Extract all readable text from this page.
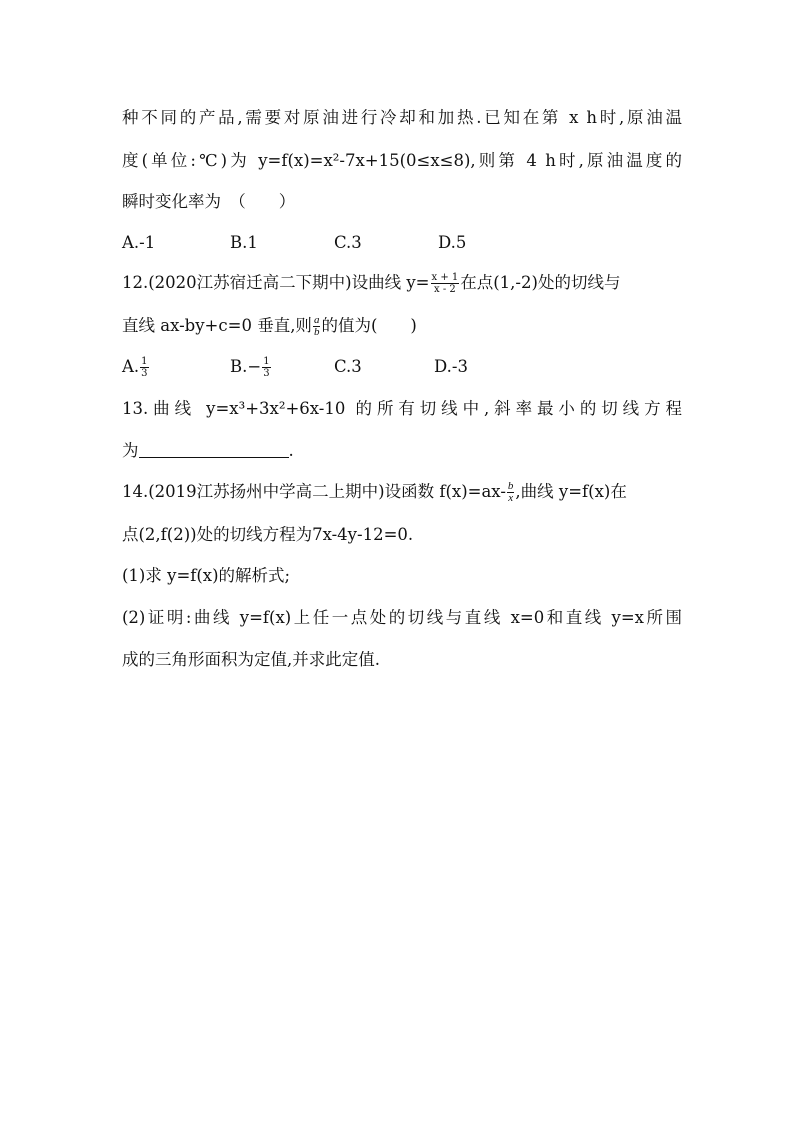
种不同的产品,需要对原油进行冷却和加热.已知在第 x h时,原油温
度(单位:℃)为 y=f(x)=x²-7x+15(0≤x≤8),则第 4 h时,原油温度的
瞬时变化率为　（　　）
A.-1	B.1	C.3	D.5
12.(2020江苏宿迁高二下期中)设曲线 $y= \frac{x + 1}{x - 2}$ 在点(1,-2)处的切线与
直线 ax-by+c=0 垂直,则 $\frac{a}{b}$ 的值为(　　)
A. $\frac{1}{3}$	$B.- \frac{1}{3}$	C.3	D.-3
13.曲线 y=x³+3x²+6x-10 的所有切线中,斜率最小的切线方程
为	.
14.(2019江苏扬州中学高二上期中)设函数 $f(x)=ax- \frac{b}{x}$ ,曲线 y=f(x)在
点(2,f(2))处的切线方程为7x-4y-12=0.
(1)求 y=f(x)的解析式;
(2)证明:曲线 y=f(x)上任一点处的切线与直线 x=0和直线 y=x所围
成的三角形面积为定值,并求此定值.
